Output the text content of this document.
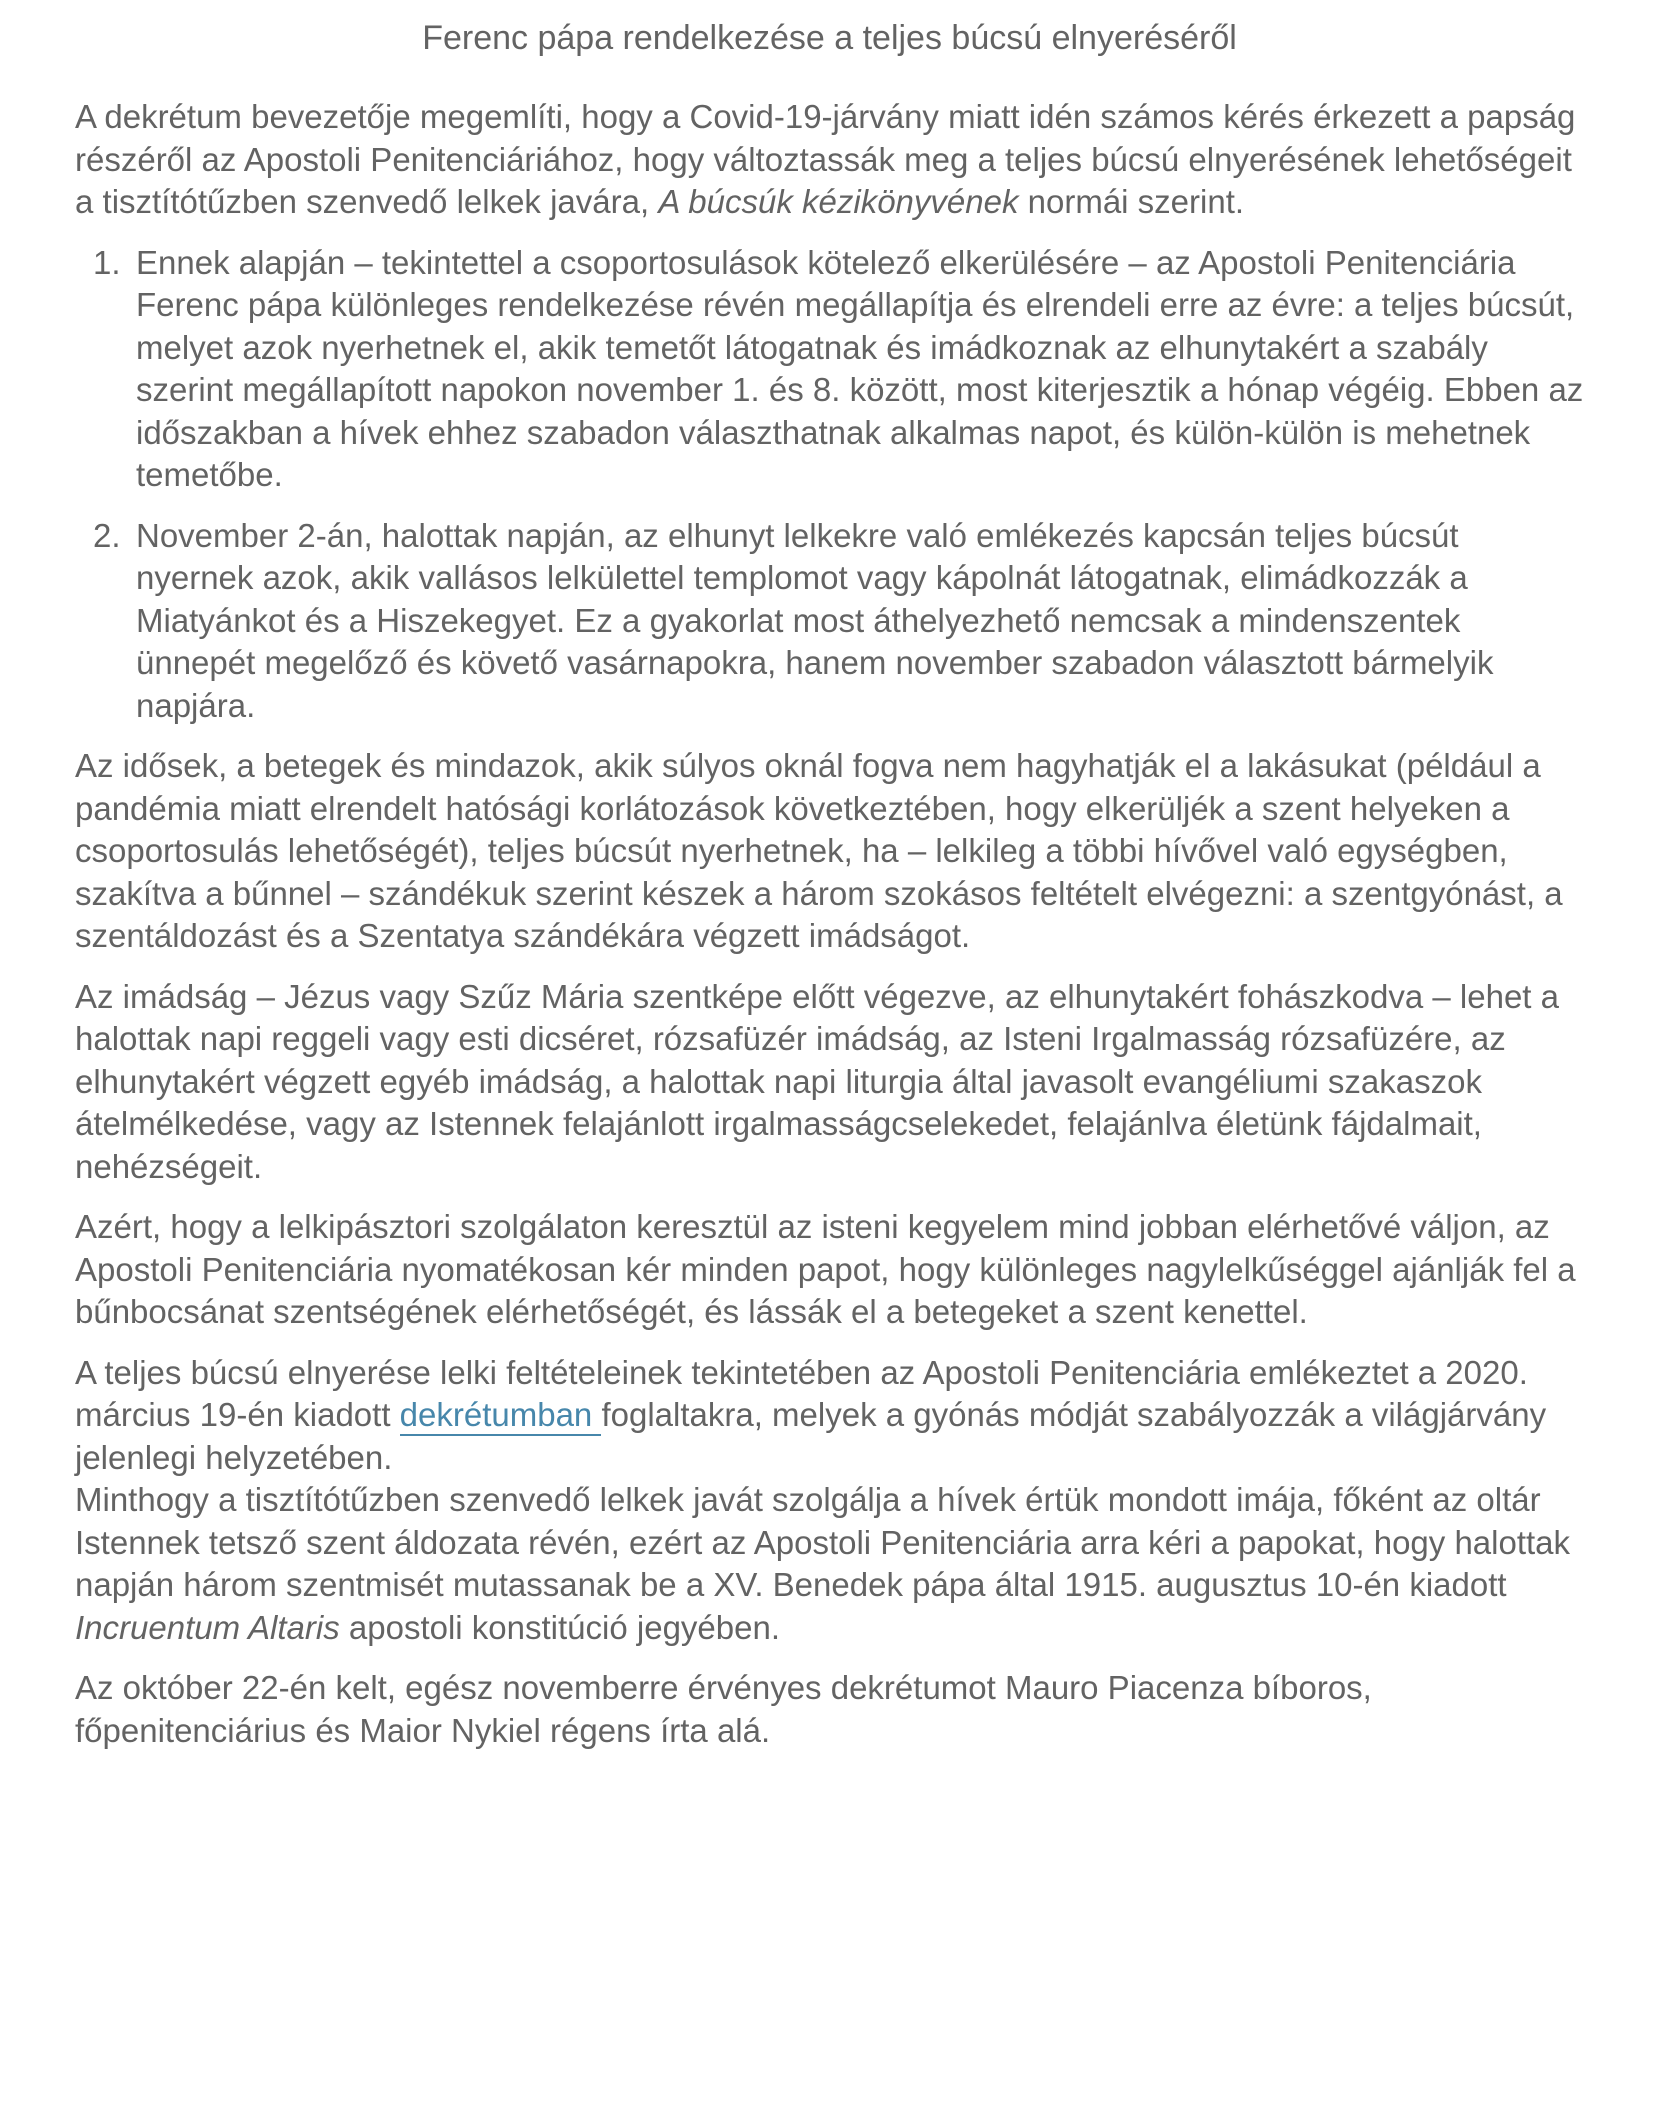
Ferenc pápa rendelkezése a teljes búcsú elnyeréséről

A dekrétum bevezetője megemlíti, hogy a Covid-19-járvány miatt idén számos kérés érkezett a papság részéről az Apostoli Penitenciáriához, hogy változtassák meg a teljes búcsú elnyerésének lehetőségeit a tisztítótűzben szenvedő lelkek javára, A búcsúk kézikönyvének normái szerint.

1. Ennek alapján – tekintettel a csoportosulások kötelező elkerülésére – az Apostoli Penitenciária Ferenc pápa különleges rendelkezése révén megállapítja és elrendeli erre az évre: a teljes búcsút, melyet azok nyerhetnek el, akik temetőt látogatnak és imádkoznak az elhunytakért a szabály szerint megállapított napokon november 1. és 8. között, most kiterjesztik a hónap végéig. Ebben az időszakban a hívek ehhez szabadon választhatnak alkalmas napot, és külön-külön is mehetnek temetőbe.
2. November 2-án, halottak napján, az elhunyt lelkekre való emlékezés kapcsán teljes búcsút nyernek azok, akik vallásos lelkülettel templomot vagy kápolnát látogatnak, elimádkozzák a Miatyánkot és a Hiszekegyet. Ez a gyakorlat most áthelyezhető nemcsak a mindenszentek ünnepét megelőző és követő vasárnapokra, hanem november szabadon választott bármelyik napjára.

Az idősek, a betegek és mindazok, akik súlyos oknál fogva nem hagyhatják el a lakásukat (például a pandémia miatt elrendelt hatósági korlátozások következtében, hogy elkerüljék a szent helyeken a csoportosulás lehetőségét), teljes búcsút nyerhetnek, ha – lelkileg a többi hívővel való egységben, szakítva a bűnnel – szándékuk szerint készek a három szokásos feltételt elvégezni: a szentgyónást, a szentáldozást és a Szentatya szándékára végzett imádságot.

Az imádság – Jézus vagy Szűz Mária szentképe előtt végezve, az elhunytakért fohászkodva – lehet a halottak napi reggeli vagy esti dicséret, rózsafüzér imádság, az Isteni Irgalmasság rózsafüzére, az elhunytakért végzett egyéb imádság, a halottak napi liturgia által javasolt evangéliumi szakaszok átelmélkedése, vagy az Istennek felajánlott irgalmasságcselekedet, felajánlva életünk fájdalmait, nehézségeit.

Azért, hogy a lelkipásztori szolgálaton keresztül az isteni kegyelem mind jobban elérhetővé váljon, az Apostoli Penitenciária nyomatékosan kér minden papot, hogy különleges nagylelkűséggel ajánlják fel a bűnbocsánat szentségének elérhetőségét, és lássák el a betegeket a szent kenettel.

A teljes búcsú elnyerése lelki feltételeinek tekintetében az Apostoli Penitenciária emlékeztet a 2020. március 19-én kiadott dekrétumban foglaltakra, melyek a gyónás módját szabályozzák a világjárvány jelenlegi helyzetében.
Minthogy a tisztítótűzben szenvedő lelkek javát szolgálja a hívek értük mondott imája, főként az oltár Istennek tetsző szent áldozata révén, ezért az Apostoli Penitenciária arra kéri a papokat, hogy halottak napján három szentmisét mutassanak be a XV. Benedek pápa által 1915. augusztus 10-én kiadott Incruentum Altaris apostoli konstitúció jegyében.

Az október 22-én kelt, egész novemberre érvényes dekrétumot Mauro Piacenza bíboros, főpenitenciárius és Maior Nykiel régens írta alá.
